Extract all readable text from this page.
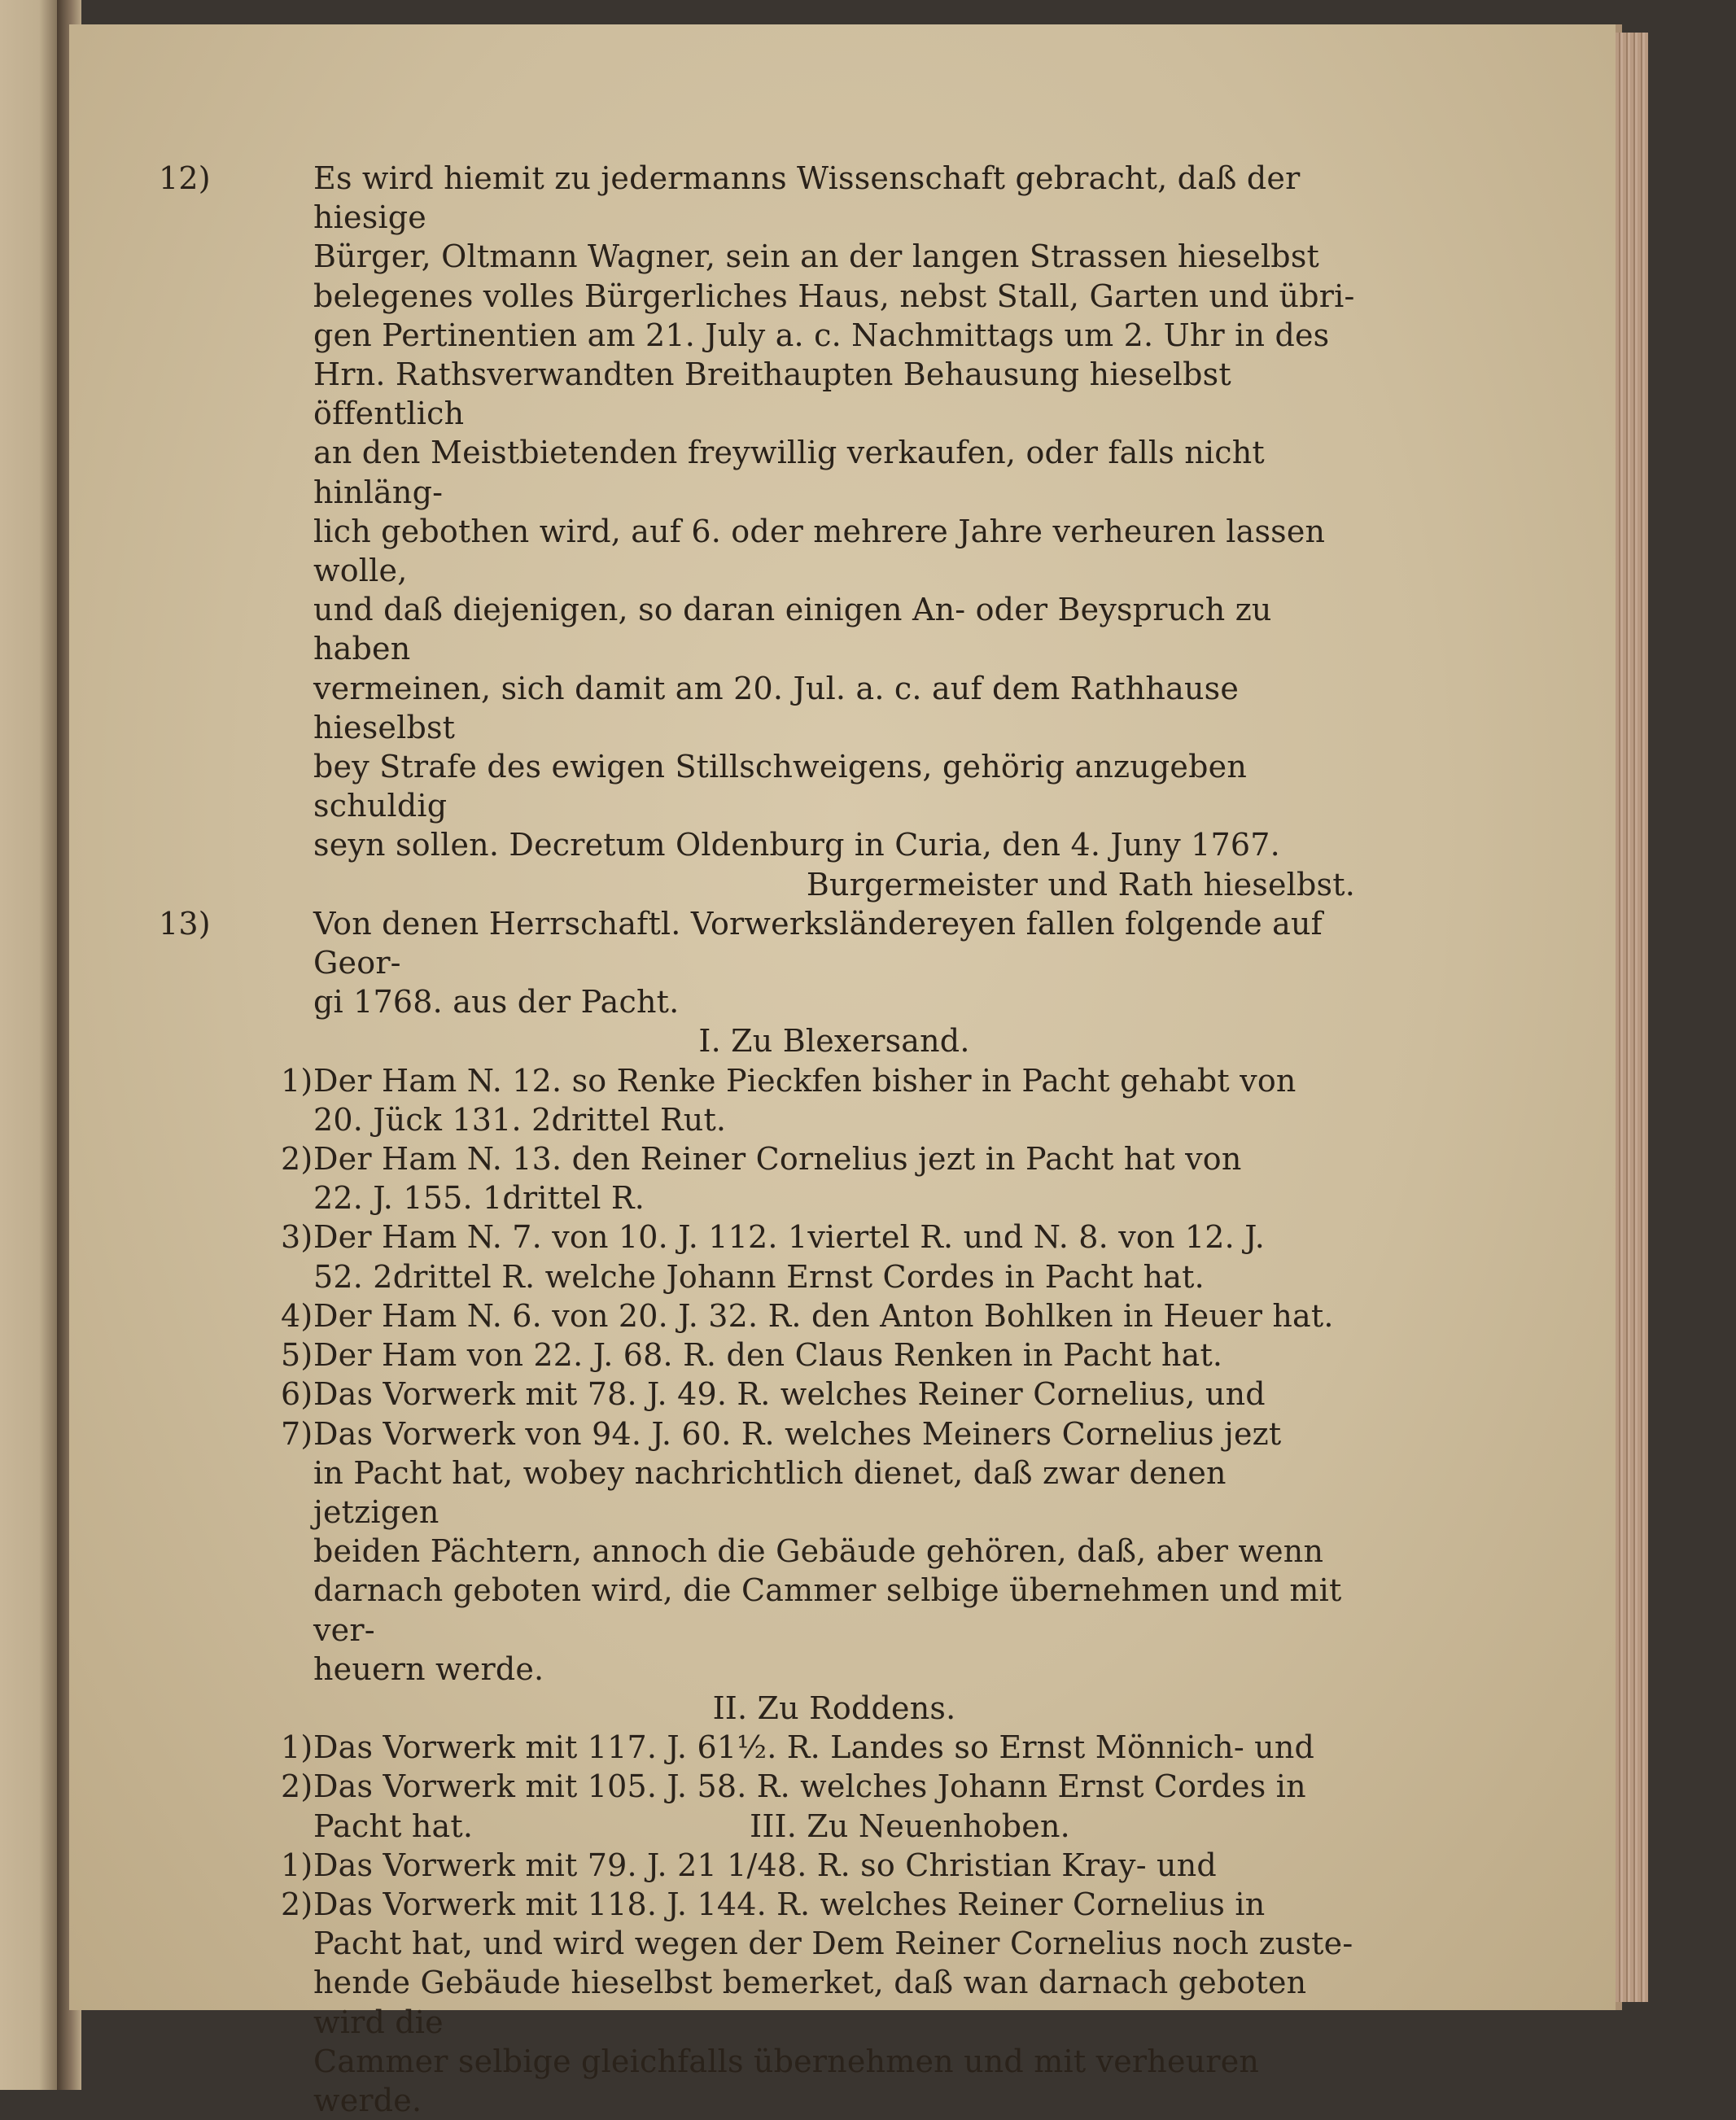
12)	Es wird hiemit zu jedermanns Wissenschaft gebracht, daß der hiesige
Bürger, Oltmann Wagner, sein an der langen Strassen hieselbst
belegenes volles Bürgerliches Haus, nebst Stall, Garten und übri-
gen Pertinentien am 21. July a. c. Nachmittags um 2. Uhr in des
Hrn. Rathsverwandten Breithaupten Behausung hieselbst öffentlich
an den Meistbietenden freywillig verkaufen, oder falls nicht hinläng-
lich gebothen wird, auf 6. oder mehrere Jahre verheuren lassen wolle,
und daß diejenigen, so daran einigen An- oder Beyspruch zu haben
vermeinen, sich damit am 20. Jul. a. c. auf dem Rathhause hieselbst
bey Strafe des ewigen Stillschweigens, gehörig anzugeben schuldig
seyn sollen. Decretum Oldenburg in Curia, den 4. Juny 1767.
Burgermeister und Rath hieselbst.
13)	Von denen Herrschaftl. Vorwerksländereyen fallen folgende auf Geor-
gi 1768. aus der Pacht.
I. Zu Blexersand.
1) Der Ham N. 12. so Renke Pieckfen bisher in Pacht gehabt von
20. Jück 131. 2drittel Rut.
2) Der Ham N. 13. den Reiner Cornelius jezt in Pacht hat von
22. J. 155. 1drittel R.
3) Der Ham N. 7. von 10. J. 112. 1viertel R. und N. 8. von 12. J.
52. 2drittel R. welche Johann Ernst Cordes in Pacht hat.
4) Der Ham N. 6. von 20. J. 32. R. den Anton Bohlken in Heuer hat.
5) Der Ham von 22. J. 68. R. den Claus Renken in Pacht hat.
6) Das Vorwerk mit 78. J. 49. R. welches Reiner Cornelius, und
7) Das Vorwerk von 94. J. 60. R. welches Meiners Cornelius jezt
in Pacht hat, wobey nachrichtlich dienet, daß zwar denen jetzigen
beiden Pächtern, annoch die Gebäude gehören, daß, aber wenn
darnach geboten wird, die Cammer selbige übernehmen und mit ver-
heuern werde.
II. Zu Roddens.
1) Das Vorwerk mit 117. J. 61½. R. Landes so Ernst Mönnich- und
2) Das Vorwerk mit 105. J. 58. R. welches Johann Ernst Cordes in
Pacht hat.	III. Zu Neuenhoben.
1) Das Vorwerk mit 79. J. 21 1/48. R. so Christian Kray- und
2) Das Vorwerk mit 118. J. 144. R. welches Reiner Cornelius in
Pacht hat, und wird wegen der Dem Reiner Cornelius noch zuste-
hende Gebäude hieselbst bemerket, daß wan darnach geboten wird die
Cammer selbige gleichfalls übernehmen und mit verheuren werde.
